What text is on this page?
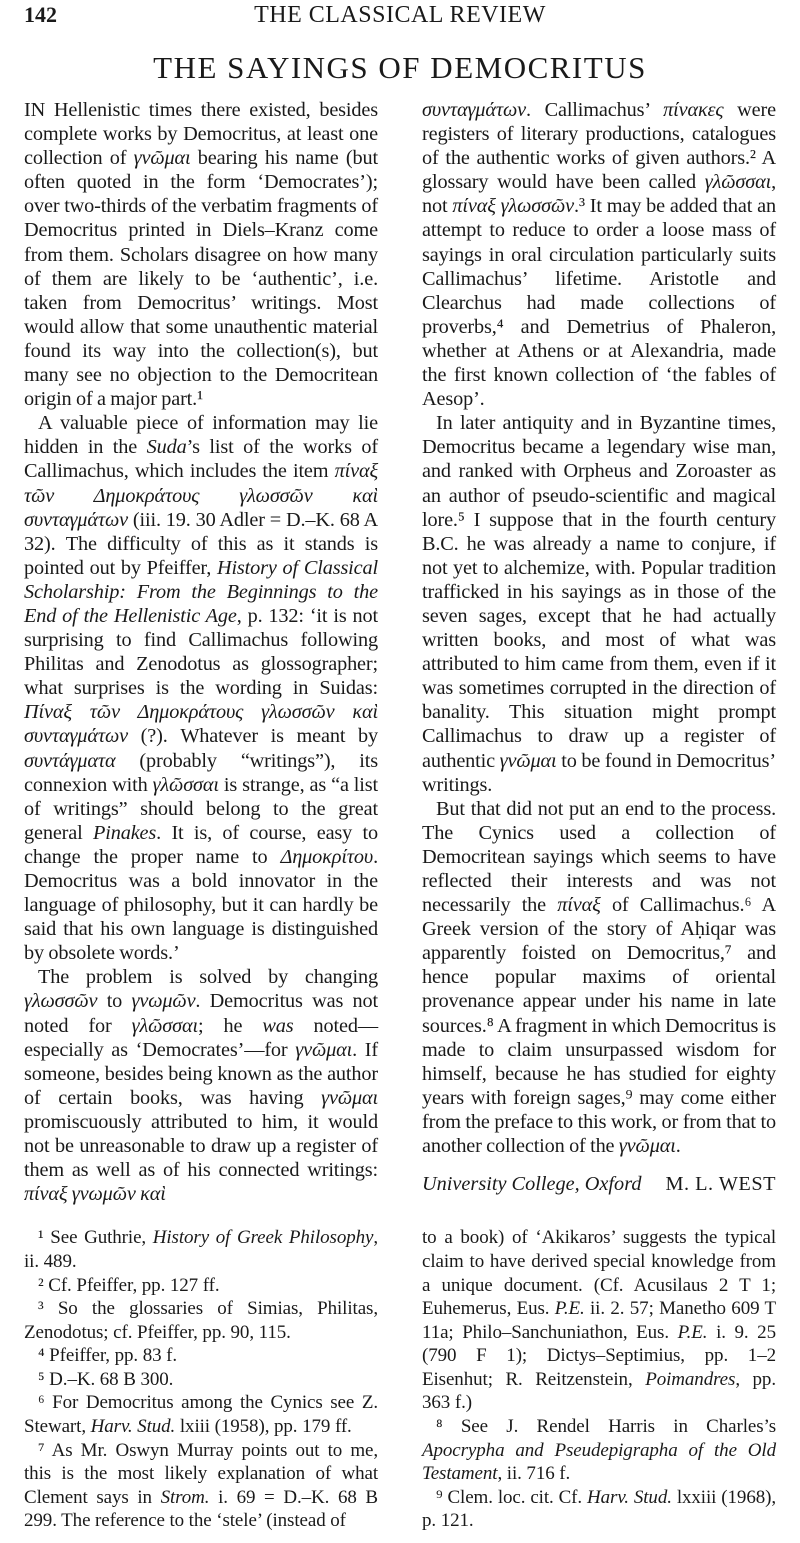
142	THE CLASSICAL REVIEW
THE SAYINGS OF DEMOCRITUS

IN Hellenistic times there existed, besides complete works by Democritus, at least one collection of γνῶμαι bearing his name (but often quoted in the form ‘Democrates’); over two-thirds of the verbatim fragments of Democritus printed in Diels–Kranz come from them. Scholars disagree on how many of them are likely to be ‘authentic’, i.e. taken from Democritus’ writings. Most would allow that some unauthentic material found its way into the collection(s), but many see no objection to the Democritean origin of a major part.¹

A valuable piece of information may lie hidden in the Suda’s list of the works of Callimachus, which includes the item πίναξ τῶν Δημοκράτους γλωσσῶν καὶ συνταγμάτων (iii. 19. 30 Adler = D.–K. 68 A 32). The difficulty of this as it stands is pointed out by Pfeiffer, History of Classical Scholarship: From the Beginnings to the End of the Hellenistic Age, p. 132: ‘it is not surprising to find Callimachus following Philitas and Zenodotus as glossographer; what surprises is the wording in Suidas: Πίναξ τῶν Δημοκράτους γλωσσῶν καὶ συνταγμάτων (?). Whatever is meant by συντάγματα (probably “writings”), its connexion with γλῶσσαι is strange, as “a list of writings” should belong to the great general Pinakes. It is, of course, easy to change the proper name to Δημοκρίτου. Democritus was a bold innovator in the language of philosophy, but it can hardly be said that his own language is distinguished by obsolete words.’

The problem is solved by changing γλωσσῶν to γνωμῶν. Democritus was not noted for γλῶσσαι; he was noted—especially as ‘Democrates’—for γνῶμαι. If someone, besides being known as the author of certain books, was having γνῶμαι promiscuously attributed to him, it would not be unreasonable to draw up a register of them as well as of his connected writings: πίναξ γνωμῶν καὶ

συνταγμάτων. Callimachus’ πίνακες were registers of literary productions, catalogues of the authentic works of given authors.² A glossary would have been called γλῶσσαι, not πίναξ γλωσσῶν.³ It may be added that an attempt to reduce to order a loose mass of sayings in oral circulation particularly suits Callimachus’ lifetime. Aristotle and Clearchus had made collections of proverbs,⁴ and Demetrius of Phaleron, whether at Athens or at Alexandria, made the first known collection of ‘the fables of Aesop’.

In later antiquity and in Byzantine times, Democritus became a legendary wise man, and ranked with Orpheus and Zoroaster as an author of pseudo-scientific and magical lore.⁵ I suppose that in the fourth century B.C. he was already a name to conjure, if not yet to alchemize, with. Popular tradition trafficked in his sayings as in those of the seven sages, except that he had actually written books, and most of what was attributed to him came from them, even if it was sometimes corrupted in the direction of banality. This situation might prompt Callimachus to draw up a register of authentic γνῶμαι to be found in Democritus’ writings.

But that did not put an end to the process. The Cynics used a collection of Democritean sayings which seems to have reflected their interests and was not necessarily the πίναξ of Callimachus.⁶ A Greek version of the story of Aḥiqar was apparently foisted on Democritus,⁷ and hence popular maxims of oriental provenance appear under his name in late sources.⁸ A fragment in which Democritus is made to claim unsurpassed wisdom for himself, because he has studied for eighty years with foreign sages,⁹ may come either from the preface to this work, or from that to another collection of the γνῶμαι.

University College, Oxford M. L. WEST

¹ See Guthrie, History of Greek Philosophy, ii. 489.

² Cf. Pfeiffer, pp. 127 ff.

³ So the glossaries of Simias, Philitas, Zenodotus; cf. Pfeiffer, pp. 90, 115.

⁴ Pfeiffer, pp. 83 f.

⁵ D.–K. 68 B 300.

⁶ For Democritus among the Cynics see Z. Stewart, Harv. Stud. lxiii (1958), pp. 179 ff.

⁷ As Mr. Oswyn Murray points out to me, this is the most likely explanation of what Clement says in Strom. i. 69 = D.–K. 68 B 299. The reference to the ‘stele’ (instead of

to a book) of ‘Akikaros’ suggests the typical claim to have derived special knowledge from a unique document. (Cf. Acusilaus 2 T 1; Euhemerus, Eus. P.E. ii. 2. 57; Manetho 609 T 11a; Philo–Sanchuniathon, Eus. P.E. i. 9. 25 (790 F 1); Dictys–Septimius, pp. 1–2 Eisenhut; R. Reitzenstein, Poimandres, pp. 363 f.)

⁸ See J. Rendel Harris in Charles’s Apocrypha and Pseudepigrapha of the Old Testament, ii. 716 f.

⁹ Clem. loc. cit. Cf. Harv. Stud. lxxiii (1968), p. 121.
